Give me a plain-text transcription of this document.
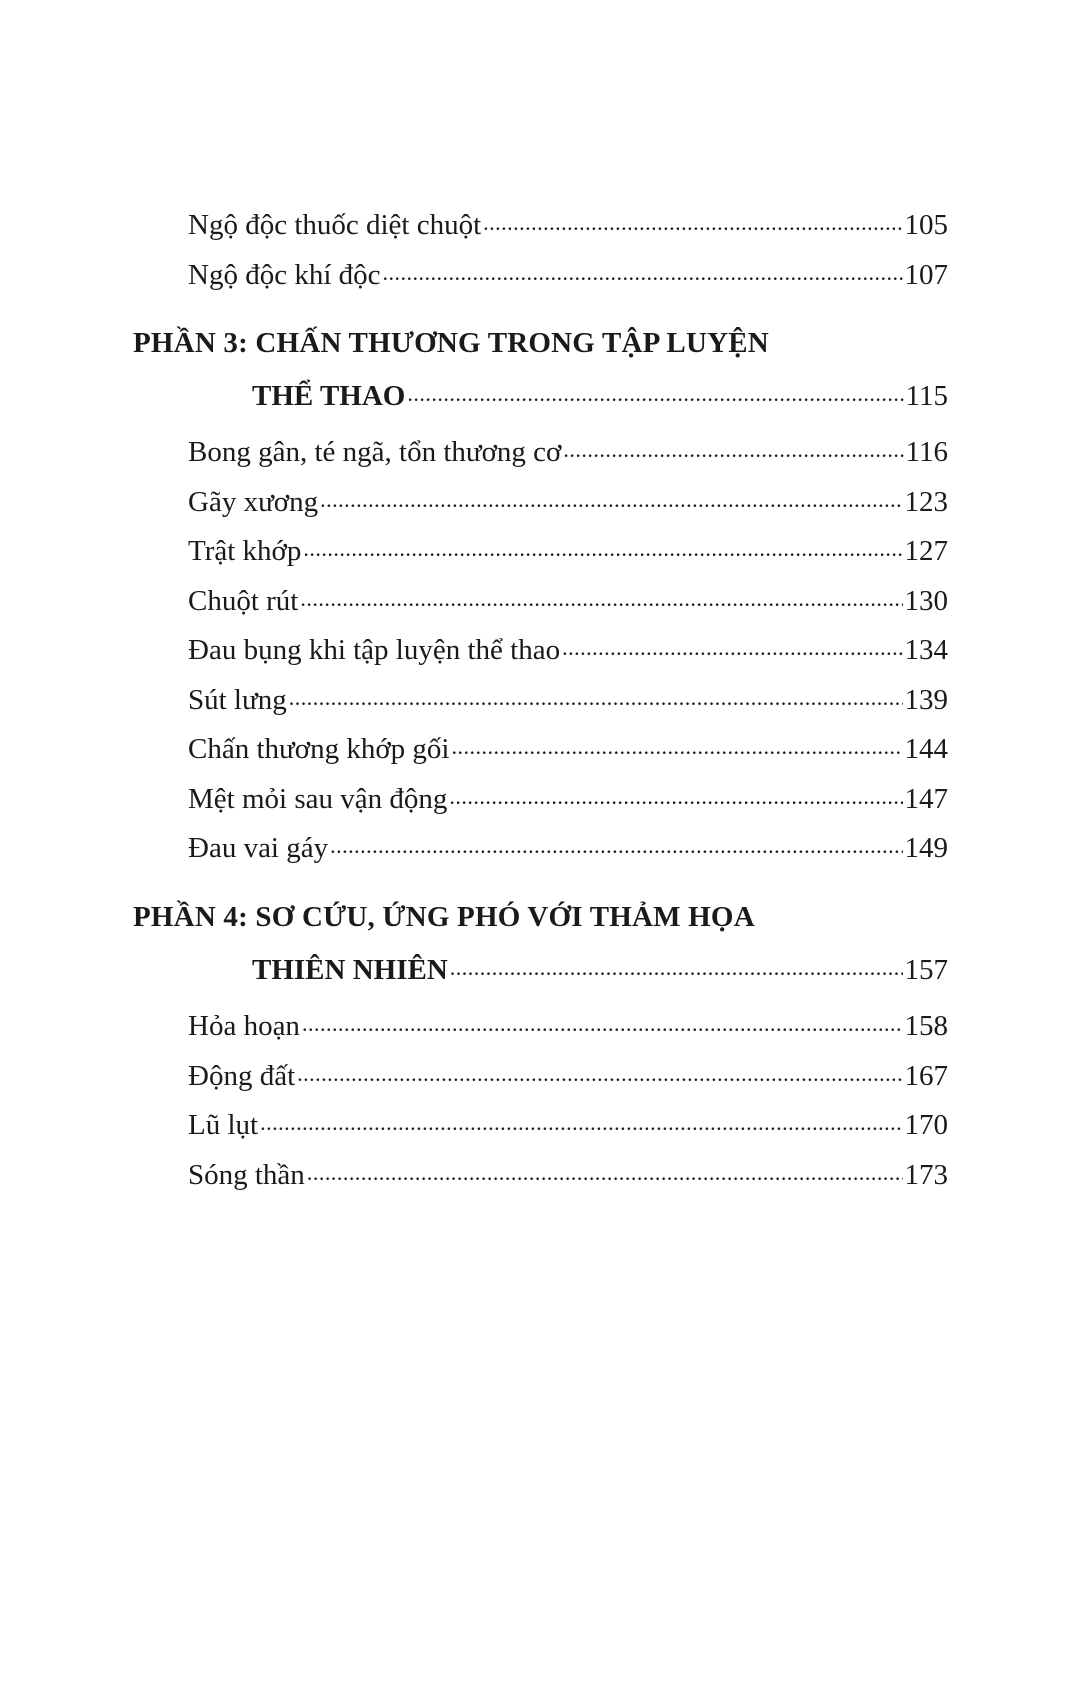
Ngộ độc thuốc diệt chuột .....	105
Ngộ độc khí độc .....	107
PHẦN 3: CHẤN THƯƠNG TRONG TẬP LUYỆN
THỂ THAO .....	115
Bong gân, té ngã, tổn thương cơ .....	116
Gãy xương .....	123
Trật khớp .....	127
Chuột rút .....	130
Đau bụng khi tập luyện thể thao .....	134
Sút lưng .....	139
Chấn thương khớp gối .....	144
Mệt mỏi sau vận động .....	147
Đau vai gáy .....	149
PHẦN 4: SƠ CỨU, ỨNG PHÓ VỚI THẢM HỌA
THIÊN NHIÊN .....	157
Hỏa hoạn .....	158
Động đất .....	167
Lũ lụt .....	170
Sóng thần .....	173
